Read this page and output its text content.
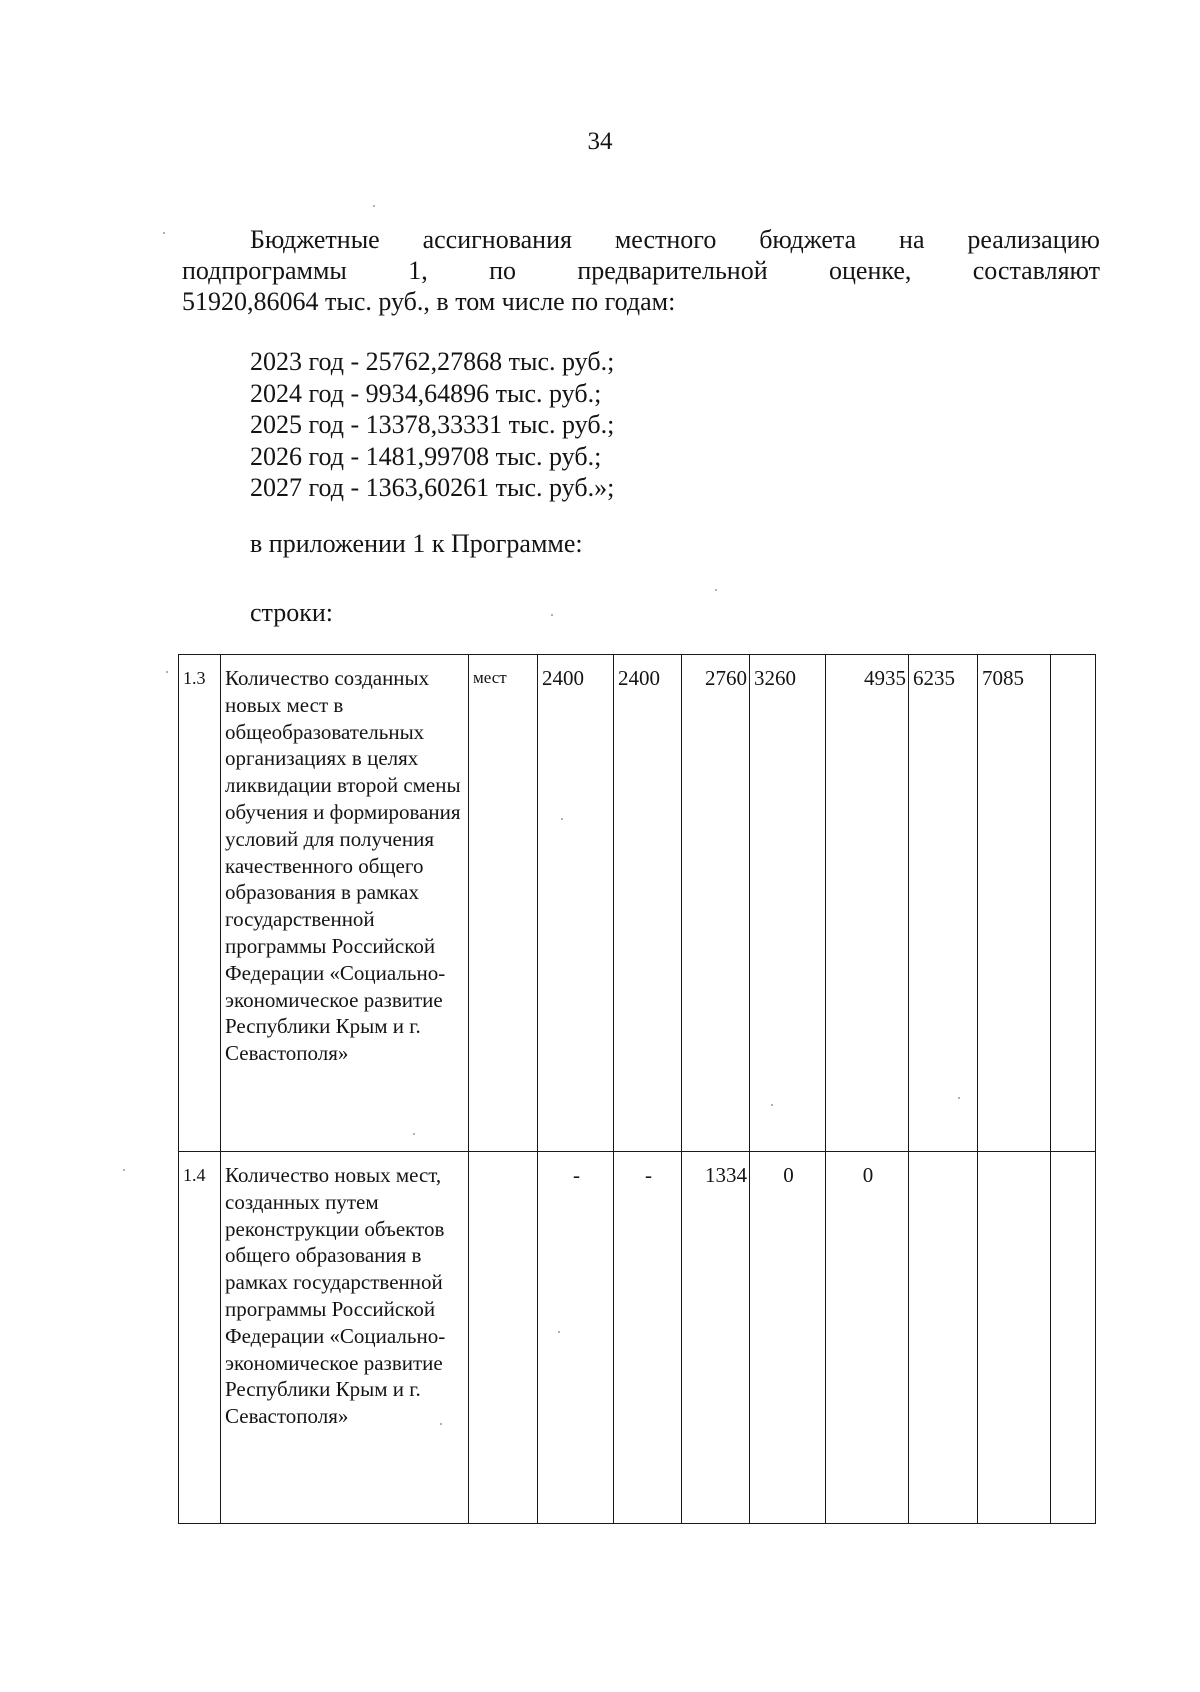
34
Бюджетные ассигнования местного бюджета на реализацию
подпрограммы 1, по предварительной оценке, составляют
51920,86064 тыс. руб., в том числе по годам:
2023 год - 25762,27868 тыс. руб.;
2024 год - 9934,64896 тыс. руб.;
2025 год - 13378,33331 тыс. руб.;
2026 год - 1481,99708 тыс. руб.;
2027 год - 1363,60261 тыс. руб.»;
в приложении 1 к Программе:
строки:
1.3	Количество созданных новых мест в общеобразовательных организациях в целях ликвидации второй смены обучения и формирования условий для получения качественного общего образования в рамках государственной программы Российской Федерации «Социально-экономическое развитие Республики Крым и г. Севастополя»	мест	2400	2400	2760	3260	4935	6235	7085	
1.4	Количество новых мест, созданных путем реконструкции объектов общего образования в рамках государственной программы Российской Федерации «Социально-экономическое развитие Республики Крым и г. Севастополя»		-	-	1334	0	0			
